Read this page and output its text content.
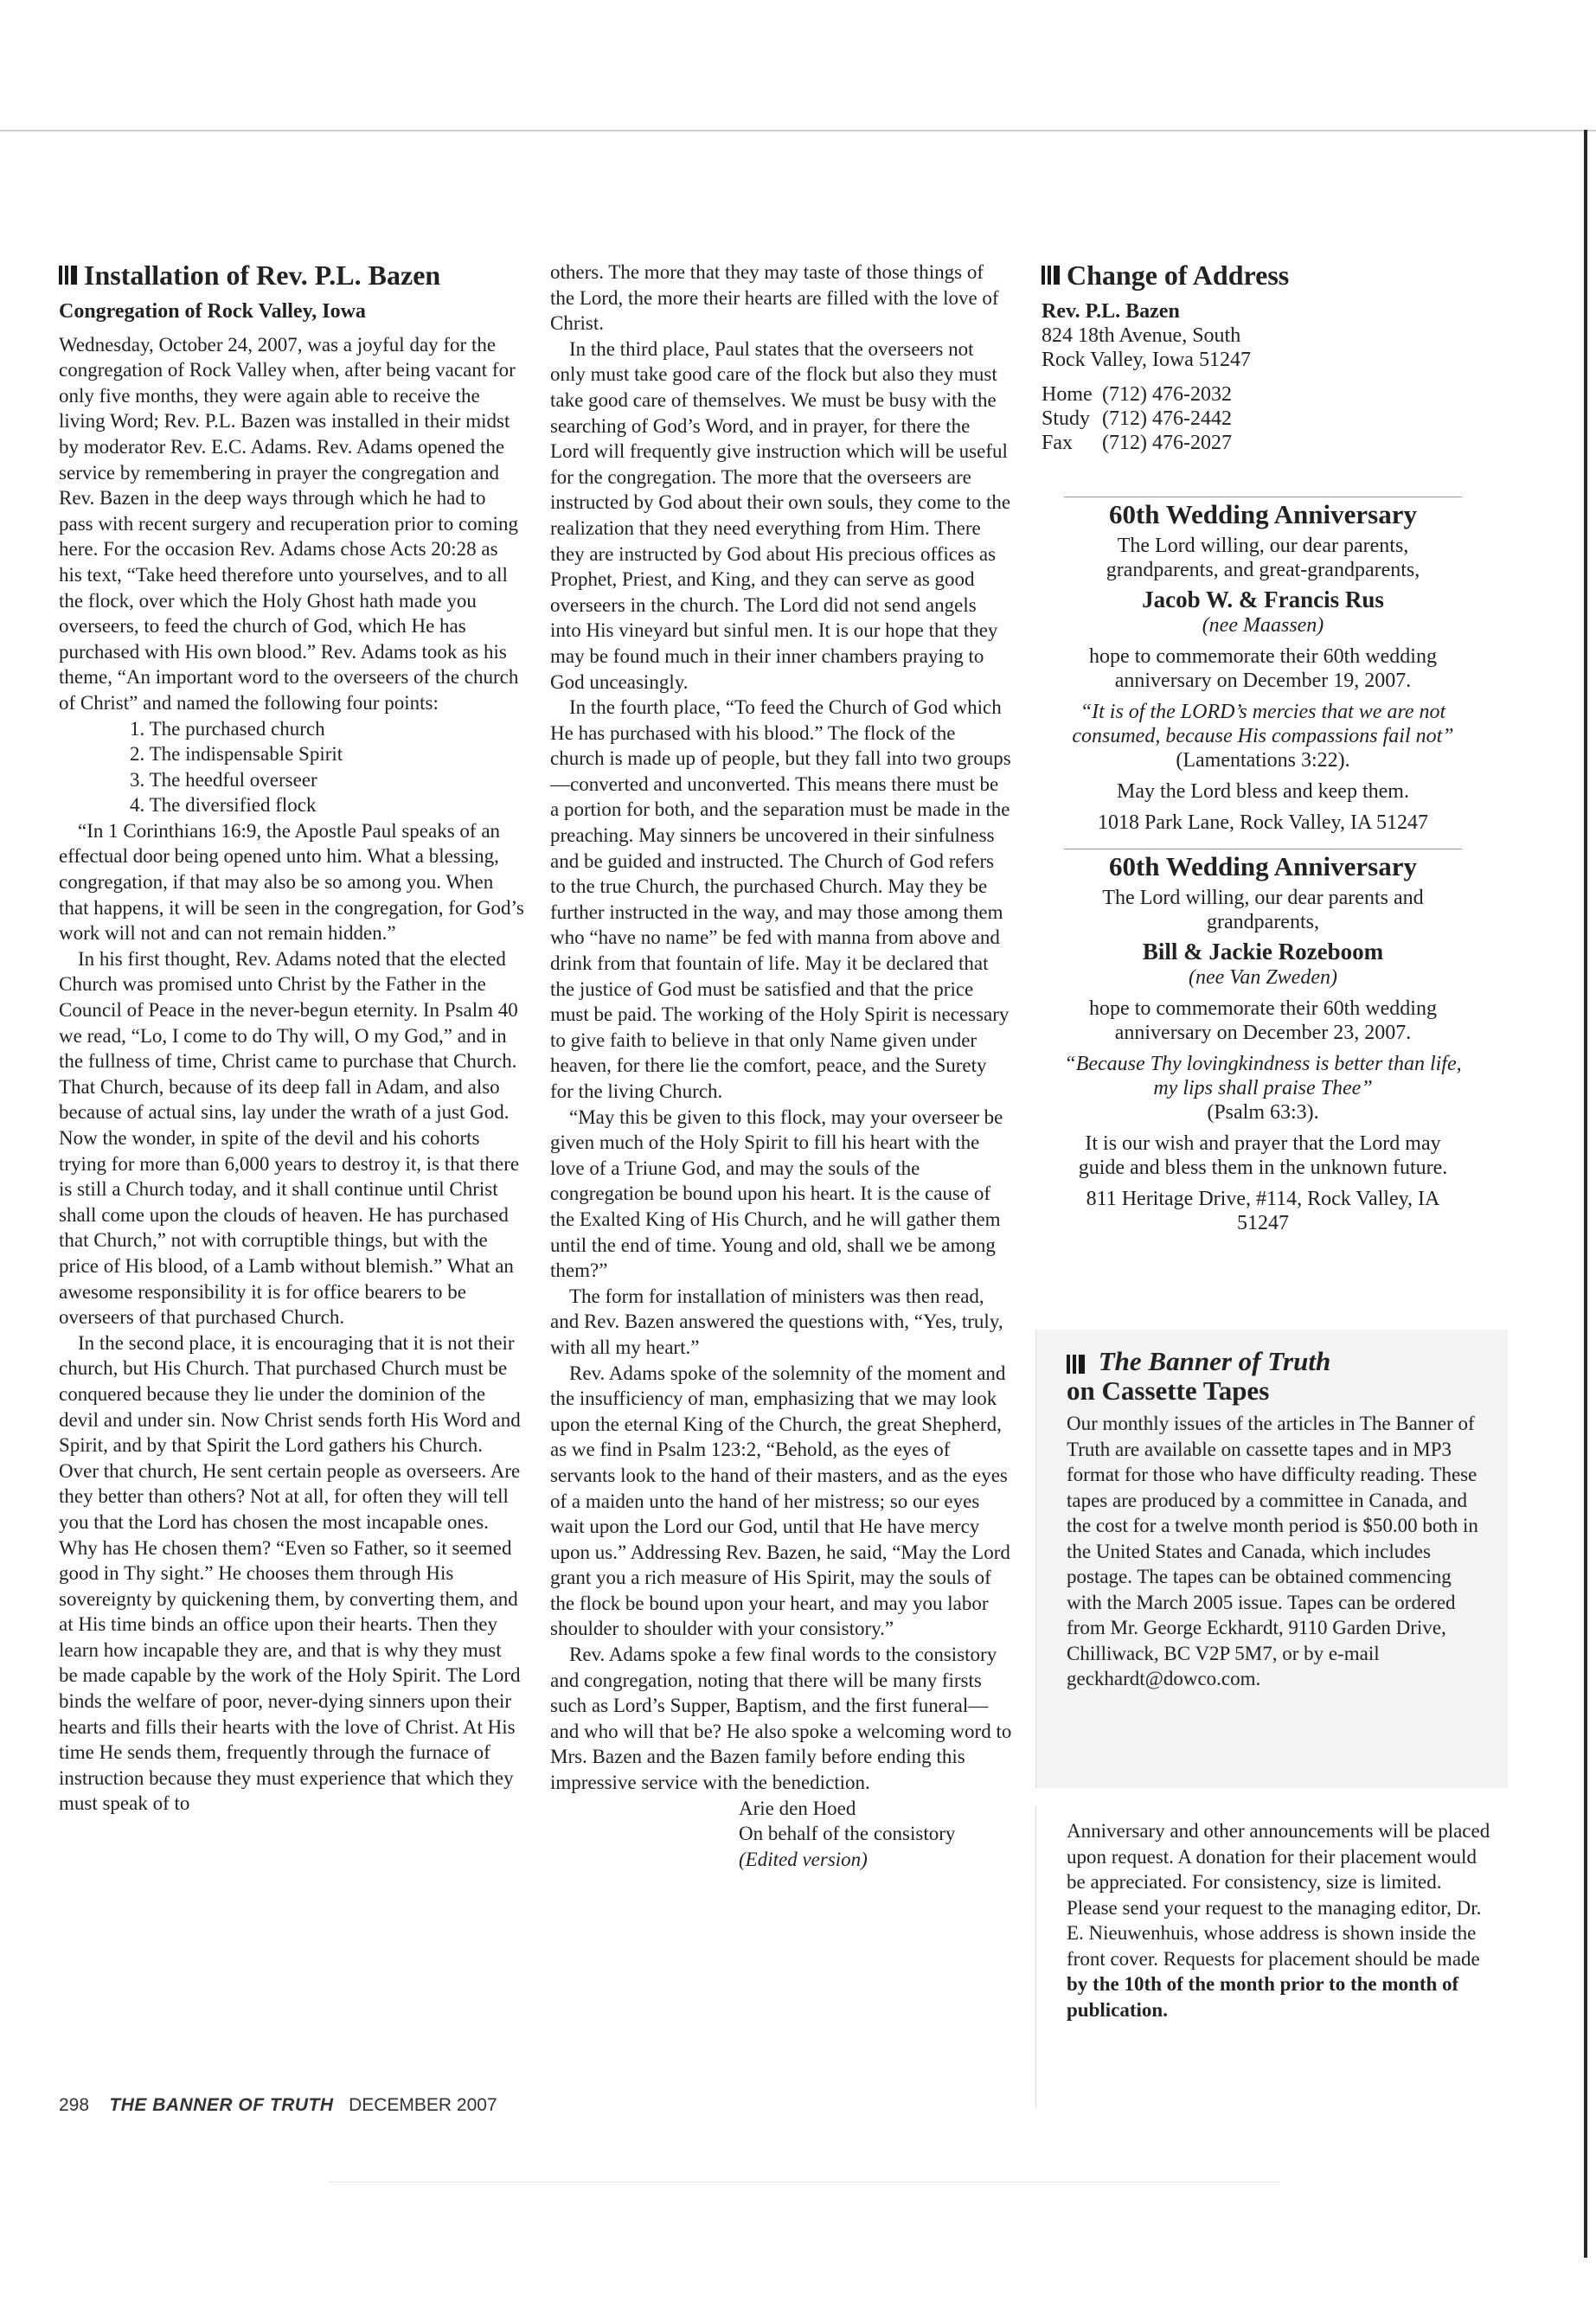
Installation of Rev. P.L. Bazen
Congregation of Rock Valley, Iowa

Wednesday, October 24, 2007, was a joyful day for the congregation of Rock Valley when, after being vacant for only five months, they were again able to receive the living Word; Rev. P.L. Bazen was installed in their midst by moderator Rev. E.C. Adams. Rev. Adams opened the service by remembering in prayer the congregation and Rev. Bazen in the deep ways through which he had to pass with recent surgery and recuperation prior to coming here. For the occasion Rev. Adams chose Acts 20:28 as his text, “Take heed therefore unto yourselves, and to all the flock, over which the Holy Ghost hath made you overseers, to feed the church of God, which He has purchased with His own blood.” Rev. Adams took as his theme, “An important word to the overseers of the church of Christ” and named the following four points:

1. The purchased church
2. The indispensable Spirit
3. The heedful overseer
4. The diversified flock

“In 1 Corinthians 16:9, the Apostle Paul speaks of an effectual door being opened unto him. What a blessing, congregation, if that may also be so among you. When that happens, it will be seen in the congregation, for God’s work will not and can not remain hidden.”

In his first thought, Rev. Adams noted that the elected Church was promised unto Christ by the Father in the Council of Peace in the never-begun eternity. In Psalm 40 we read, “Lo, I come to do Thy will, O my God,” and in the fullness of time, Christ came to purchase that Church. That Church, because of its deep fall in Adam, and also because of actual sins, lay under the wrath of a just God. Now the wonder, in spite of the devil and his cohorts trying for more than 6,000 years to destroy it, is that there is still a Church today, and it shall continue until Christ shall come upon the clouds of heaven. He has purchased that Church,” not with corruptible things, but with the price of His blood, of a Lamb without blemish.” What an awesome responsibility it is for office bearers to be overseers of that purchased Church.

In the second place, it is encouraging that it is not their church, but His Church. That purchased Church must be conquered because they lie under the dominion of the devil and under sin. Now Christ sends forth His Word and Spirit, and by that Spirit the Lord gathers his Church. Over that church, He sent certain people as overseers. Are they better than others? Not at all, for often they will tell you that the Lord has chosen the most incapable ones. Why has He chosen them? “Even so Father, so it seemed good in Thy sight.” He chooses them through His sovereignty by quickening them, by converting them, and at His time binds an office upon their hearts. Then they learn how incapable they are, and that is why they must be made capable by the work of the Holy Spirit. The Lord binds the welfare of poor, never-dying sinners upon their hearts and fills their hearts with the love of Christ. At His time He sends them, frequently through the furnace of instruction because they must experience that which they must speak of to

others. The more that they may taste of those things of the Lord, the more their hearts are filled with the love of Christ.

In the third place, Paul states that the overseers not only must take good care of the flock but also they must take good care of themselves. We must be busy with the searching of God’s Word, and in prayer, for there the Lord will frequently give instruction which will be useful for the congregation. The more that the overseers are instructed by God about their own souls, they come to the realization that they need everything from Him. There they are instructed by God about His precious offices as Prophet, Priest, and King, and they can serve as good overseers in the church. The Lord did not send angels into His vineyard but sinful men. It is our hope that they may be found much in their inner chambers praying to God unceasingly.

In the fourth place, “To feed the Church of God which He has purchased with his blood.” The flock of the church is made up of people, but they fall into two groups—converted and unconverted. This means there must be a portion for both, and the separation must be made in the preaching. May sinners be uncovered in their sinfulness and be guided and instructed. The Church of God refers to the true Church, the purchased Church. May they be further instructed in the way, and may those among them who “have no name” be fed with manna from above and drink from that fountain of life. May it be declared that the justice of God must be satisfied and that the price must be paid. The working of the Holy Spirit is necessary to give faith to believe in that only Name given under heaven, for there lie the comfort, peace, and the Surety for the living Church.

“May this be given to this flock, may your overseer be given much of the Holy Spirit to fill his heart with the love of a Triune God, and may the souls of the congregation be bound upon his heart. It is the cause of the Exalted King of His Church, and he will gather them until the end of time. Young and old, shall we be among them?”

The form for installation of ministers was then read, and Rev. Bazen answered the questions with, “Yes, truly, with all my heart.”

Rev. Adams spoke of the solemnity of the moment and the insufficiency of man, emphasizing that we may look upon the eternal King of the Church, the great Shepherd, as we find in Psalm 123:2, “Behold, as the eyes of servants look to the hand of their masters, and as the eyes of a maiden unto the hand of her mistress; so our eyes wait upon the Lord our God, until that He have mercy upon us.” Addressing Rev. Bazen, he said, “May the Lord grant you a rich measure of His Spirit, may the souls of the flock be bound upon your heart, and may you labor shoulder to shoulder with your consistory.”

Rev. Adams spoke a few final words to the consistory and congregation, noting that there will be many firsts such as Lord’s Supper, Baptism, and the first funeral—and who will that be? He also spoke a welcoming word to Mrs. Bazen and the Bazen family before ending this impressive service with the benediction.

Arie den Hoed
On behalf of the consistory
(Edited version)
Change of Address
Rev. P.L. Bazen
824 18th Avenue, South
Rock Valley, Iowa 51247
Home (712) 476-2032
Study (712) 476-2442
Fax	(712) 476-2027
60th Wedding Anniversary

The Lord willing, our dear parents, grandparents, and great-grandparents,

Jacob W. & Francis Rus

(nee Maassen)

hope to commemorate their 60th wedding anniversary on December 19, 2007.

“It is of the LORD’s mercies that we are not consumed, because His compassions fail not”

(Lamentations 3:22).

May the Lord bless and keep them.

1018 Park Lane, Rock Valley, IA 51247

60th Wedding Anniversary

The Lord willing, our dear parents and grandparents,

Bill & Jackie Rozeboom

(nee Van Zweden)

hope to commemorate their 60th wedding anniversary on December 23, 2007.

“Because Thy lovingkindness is better than life, my lips shall praise Thee”

(Psalm 63:3).

It is our wish and prayer that the Lord may guide and bless them in the unknown future.

811 Heritage Drive, #114, Rock Valley, IA 51247

The Banner of Truth
on Cassette Tapes
Our monthly issues of the articles in The Banner of Truth are available on cassette tapes and in MP3 format for those who have difficulty reading. These tapes are produced by a committee in Canada, and the cost for a twelve month period is $50.00 both in the United States and Canada, which includes postage. The tapes can be obtained commencing with the March 2005 issue. Tapes can be ordered from Mr. George Eckhardt, 9110 Garden Drive, Chilliwack, BC V2P 5M7, or by e-mail geckhardt@dowco.com.
Anniversary and other announcements will be placed upon request. A donation for their placement would be appreciated. For consistency, size is limited. Please send your request to the managing editor, Dr. E. Nieuwenhuis, whose address is shown inside the front cover. Requests for placement should be made by the 10th of the month prior to the month of publication.
298 THE BANNER OF TRUTH DECEMBER 2007
